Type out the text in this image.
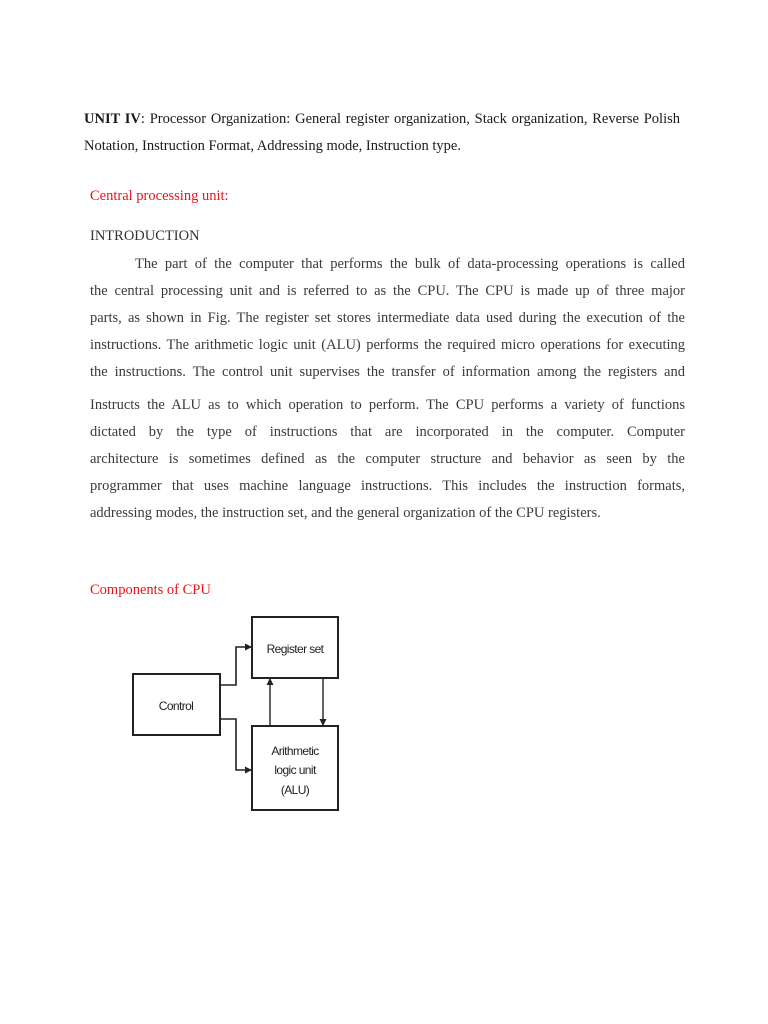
UNIT IV: Processor Organization: General register organization, Stack organization, Reverse Polish Notation, Instruction Format, Addressing mode, Instruction type.
Central processing unit:
INTRODUCTION
The part of the computer that performs the bulk of data-processing operations is called
the central processing unit and is referred to as the CPU. The CPU is made up of three major
parts, as shown in Fig. The register set stores intermediate data used during the execution of the
instructions. The arithmetic logic unit (ALU) performs the required micro operations for executing
the instructions. The control unit supervises the transfer of information among the registers and
Instructs the ALU as to which operation to perform. The CPU performs a variety of functions
dictated by the type of instructions that are incorporated in the computer. Computer
architecture is sometimes defined as the computer structure and behavior as seen by the
programmer that uses machine language instructions. This includes the instruction formats,
addressing modes, the instruction set, and the general organization of the CPU registers.
Components of CPU
Register set
Control
Arithmetic
logic unit
(ALU)
